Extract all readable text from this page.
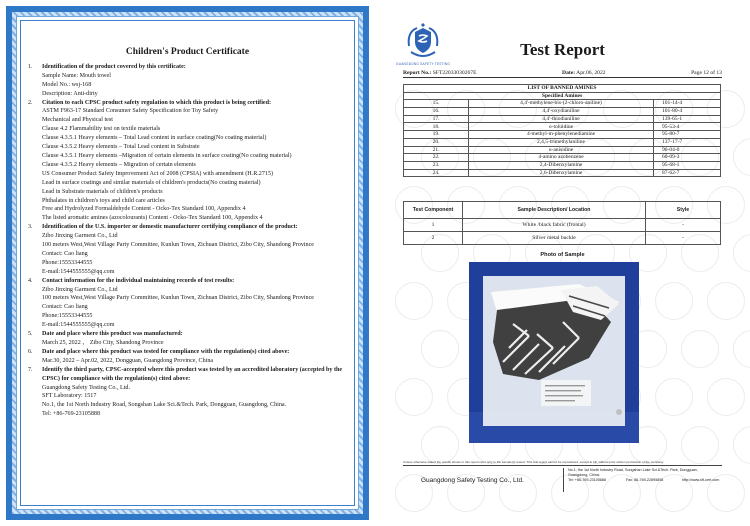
Children's Product Certificate
1.	Identification of the product covered by this certificate:
Sample Name: Mouth towel
Model No.: wsj-168
Description: Anti-dirty
2.	Citation to each CPSC product safety regulation to which this product is being certified:
ASTM F963-17 Standard Consumer Safety Specification for Toy Safety
Mechanical and Physical test
Clause 4.2 Flammability test on textile materials
Clause 4.3.5.1 Heavy elements – Total Lead content in surface coating(No coating material)
Clause 4.3.5.2 Heavy elements – Total Lead content in Substrate
Clause 4.3.5.1 Heavy elements –Migration of certain elements in surface coating(No coating material)
Clause 4.3.5.2 Heavy elements – Migration of certain elements
US Consumer Product Safety Improvement Act of 2008 (CPSIA) with amendment (H.R.2715)
Lead in surface coatings and similar materials of children's products(No coating material)
Lead in Substrate materials of children's products
Phthalates in children's toys and child care articles
Free and Hydrolyzed Formaldehyde Content - Ocko-Tex Standard 100, Appendix 4
The listed aromatic amines (azocolourants) Content - Ocko-Tex Standard 100, Appendix 4
3.	Identification of the U.S. importer or domestic manufacturer certifying compliance of the product:
Zibo Jinxing Garment Co., Ltd
100 meters West,West Village Party Committee, Kunlun Town, Zichuan District, Zibo City, Shandong Province
Contact: Cao liang
Phone:15553344555
E-mail:1544555555@qq.com
4.	Contact information for the individual maintaining records of test results:
Zibo Jinxing Garment Co., Ltd
100 meters West,West Village Party Committee, Kunlun Town, Zichuan District, Zibo City, Shandong Province
Contact: Cao liang
Phone:15553344555
E-mail:1544555555@qq.com
5.	Date and place where this product was manufactured:
March 25, 2022 ， Zibo City, Shandong Province
6.	Date and place where this product was tested for compliance with the regulation(s) cited above:
Mar.30, 2022 – Apr.02, 2022, Dongguan, Guangdong Province, China
7.	Identify the third party, CPSC-accepted where this product was tested by an accredited laboratory (accepted by the CPSC) for compliance with the regulation(s) cited above:
Guangdong Safety Testing Co., Ltd.
SFT Laboratory: 1517
No.1, the 1st North Industry Road, Songshan Lake Sci.&Tech. Park, Dongguan, Guangdong, China.
Tel: +86-769-23105888
GUANGDONG SAFETY TESTING
Test Report
Report No.: SFT22033030267E	Date: Apr.06, 2022	Page 12 of 13
LIST OF BANNED AMINES		
Specified Amines		
15.	4,4'-methylene-bis-(2-chloro-aniline)	101-14-4
16.	4,4'-oxydianiline	101-80-4
17.	4,4'-thiodianiline	139-65-1
18.	o-toluidine	95-53-4
19.	4-methyl-m-phenylenediamine	95-80-7
20.	2,4,5-trimethylaniline	137-17-7
21.	o-anisidine	90-04-0
22.	4-amino azobenzene	60-09-3
23.	2,4-Dibenxylamine	95-68-1
24.	2,6-Dibenxylamine	87-62-7
Test Component	Sample Description/ Location	Style
1	White /black fabric (frontal)	-
2	Silver metal buckle	-
Photo of Sample
Unless otherwise stated the results shown in this report refer only to the sample(s) tested. This test report cannot be reproduced, except in full, without prior written permission of the company.
Guangdong Safety Testing Co., Ltd.
No.1, the 1st North Industry Road, Songshan Lake Sci.&Tech. Park, Dongguan,
Guangdong, China.
Tel: +86-769-23105888	Fax: 86-769-22895858	http://www.sft-cert.com
